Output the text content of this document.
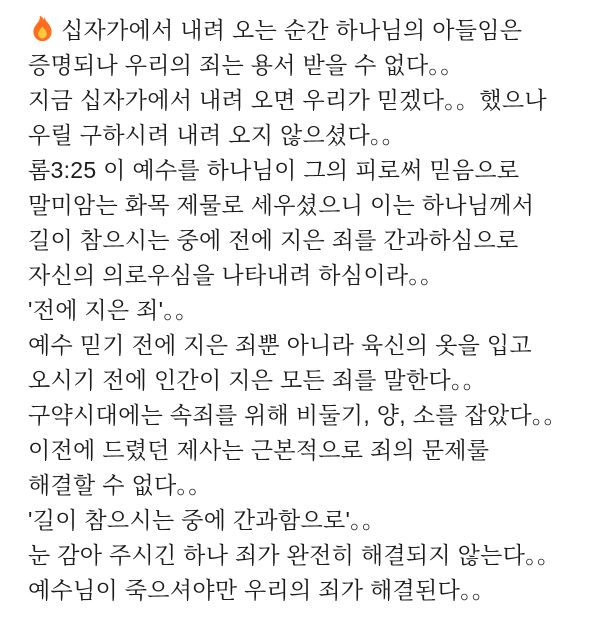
십자가에서 내려 오는 순간 하나님의 아들임은

증명되나 우리의 죄는 용서 받을 수 없다。。

지금 십자가에서 내려 오면 우리가 믿겠다。。했으나

우릴 구하시려 내려 오지 않으셨다。。

롬3:25 이 예수를 하나님이 그의 피로써 믿음으로

말미암는 화목 제물로 세우셨으니 이는 하나님께서

길이 참으시는 중에 전에 지은 죄를 간과하심으로

자신의 의로우심을 나타내려 하심이라。。

'전에 지은 죄'。。

예수 믿기 전에 지은 죄뿐 아니라 육신의 옷을 입고

오시기 전에 인간이 지은 모든 죄를 말한다。。

구약시대에는 속죄를 위해 비둘기, 양, 소를 잡았다。。

이전에 드렸던 제사는 근본적으로 죄의 문제룰

해결할 수 없다。。

'길이 참으시는 중에 간과함으로'。。

눈 감아 주시긴 하나 죄가 완전히 해결되지 않는다。。

예수님이 죽으셔야만 우리의 죄가 해결된다。。
